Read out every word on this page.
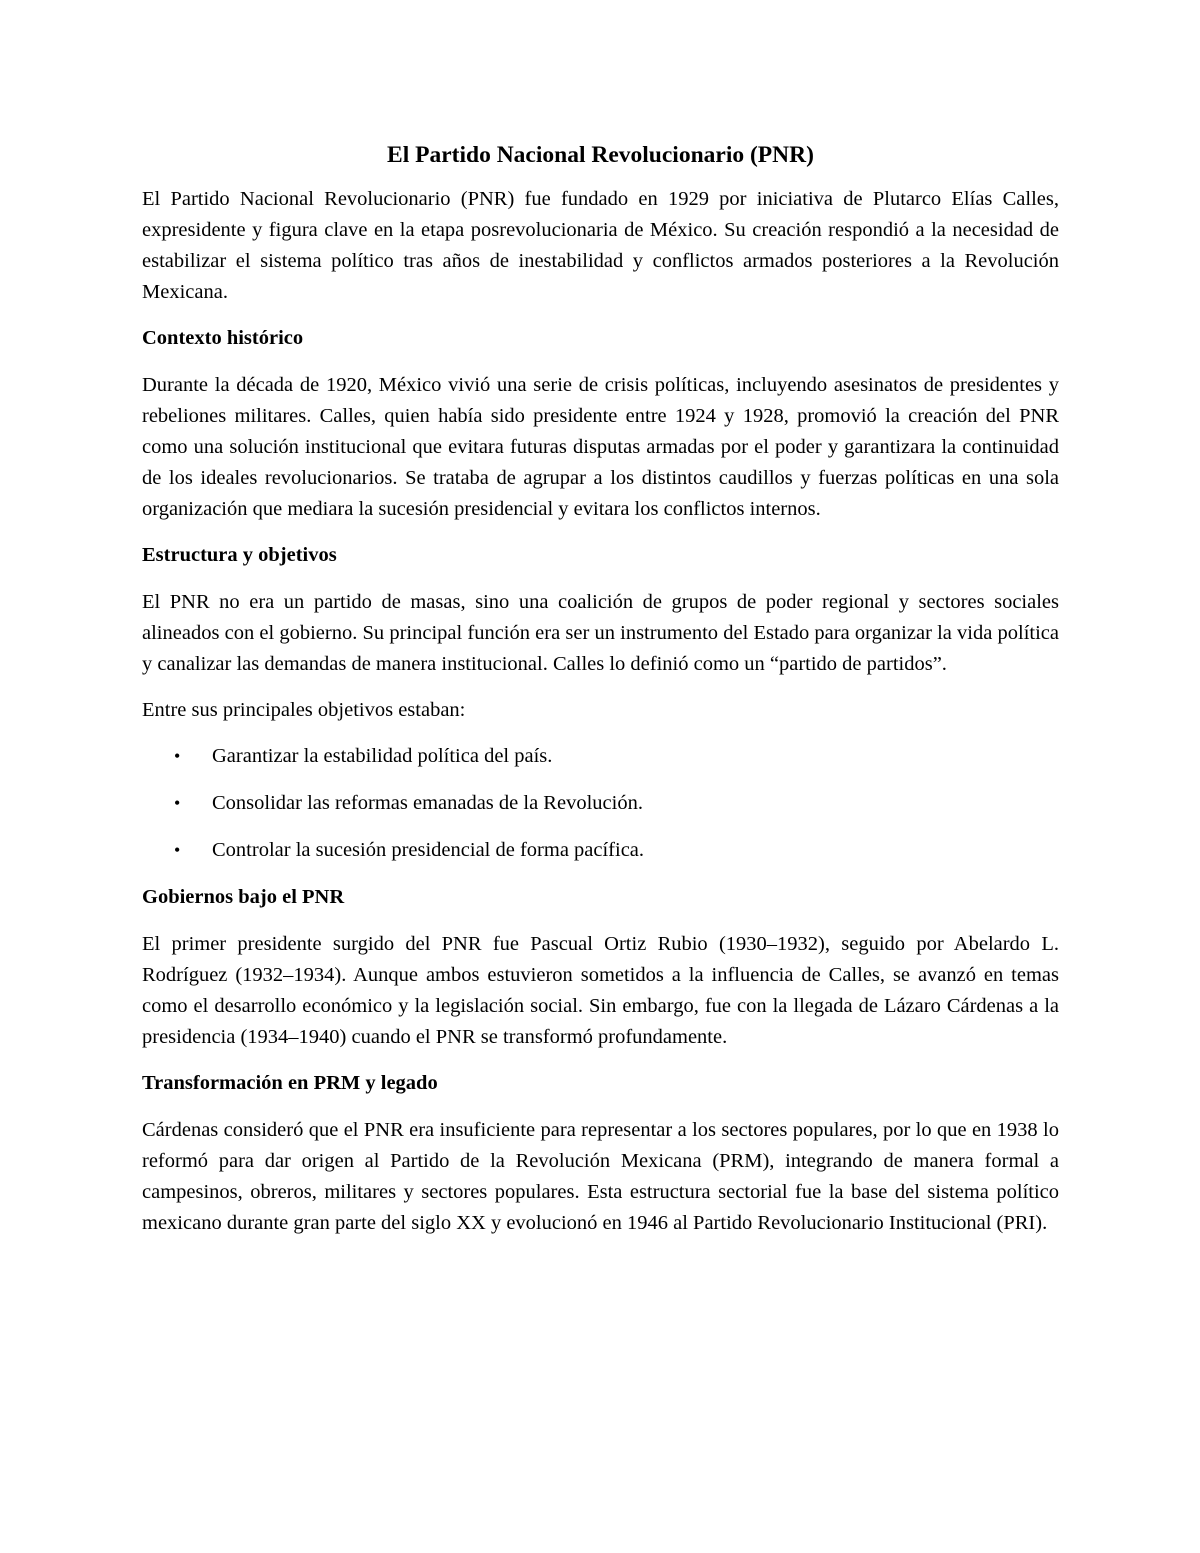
El Partido Nacional Revolucionario (PNR)

El Partido Nacional Revolucionario (PNR) fue fundado en 1929 por iniciativa de Plutarco Elías Calles, expresidente y figura clave en la etapa posrevolucionaria de México. Su creación respondió a la necesidad de estabilizar el sistema político tras años de inestabilidad y conflictos armados posteriores a la Revolución Mexicana.

Contexto histórico

Durante la década de 1920, México vivió una serie de crisis políticas, incluyendo asesinatos de presidentes y rebeliones militares. Calles, quien había sido presidente entre 1924 y 1928, promovió la creación del PNR como una solución institucional que evitara futuras disputas armadas por el poder y garantizara la continuidad de los ideales revolucionarios. Se trataba de agrupar a los distintos caudillos y fuerzas políticas en una sola organización que mediara la sucesión presidencial y evitara los conflictos internos.

Estructura y objetivos

El PNR no era un partido de masas, sino una coalición de grupos de poder regional y sectores sociales alineados con el gobierno. Su principal función era ser un instrumento del Estado para organizar la vida política y canalizar las demandas de manera institucional. Calles lo definió como un “partido de partidos”.

Entre sus principales objetivos estaban:

• Garantizar la estabilidad política del país.
• Consolidar las reformas emanadas de la Revolución.
• Controlar la sucesión presidencial de forma pacífica.
Gobiernos bajo el PNR

El primer presidente surgido del PNR fue Pascual Ortiz Rubio (1930–1932), seguido por Abelardo L. Rodríguez (1932–1934). Aunque ambos estuvieron sometidos a la influencia de Calles, se avanzó en temas como el desarrollo económico y la legislación social. Sin embargo, fue con la llegada de Lázaro Cárdenas a la presidencia (1934–1940) cuando el PNR se transformó profundamente.

Transformación en PRM y legado

Cárdenas consideró que el PNR era insuficiente para representar a los sectores populares, por lo que en 1938 lo reformó para dar origen al Partido de la Revolución Mexicana (PRM), integrando de manera formal a campesinos, obreros, militares y sectores populares. Esta estructura sectorial fue la base del sistema político mexicano durante gran parte del siglo XX y evolucionó en 1946 al Partido Revolucionario Institucional (PRI).
